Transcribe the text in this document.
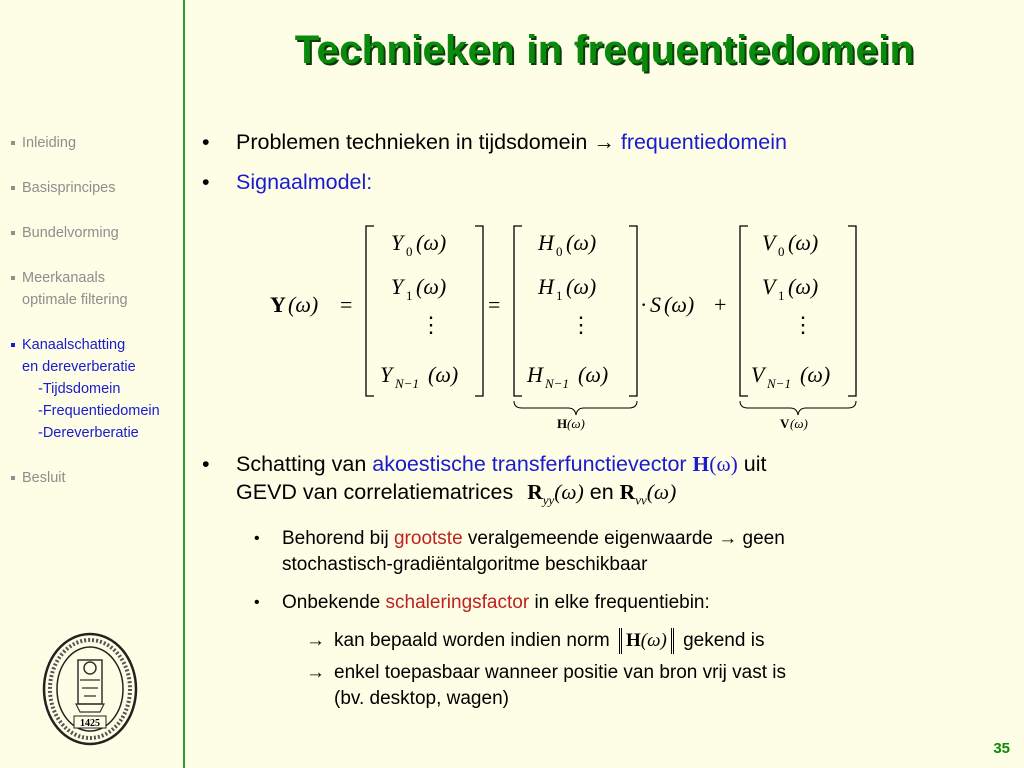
Inleiding
Basisprincipes
Bundelvorming
Meerkanaals
optimale filtering
Kanaalschatting
en dereverberatie
-Tijdsdomein
-Frequentiedomein
-Dereverberatie
Besluit
1425
Technieken in frequentiedomein
• Problemen technieken in tijdsdomein → frequentiedomein
• Signaalmodel:
Y (ω) =
Y 0 (ω)
Y 1 (ω)
⋮
Y N−1 (ω)
=
H 0 (ω)
H 1 (ω)
⋮
H N−1 (ω)
H (ω)
· S (ω) +
V 0 (ω)
V 1 (ω)
⋮
V N−1 (ω)
V (ω)
• Schatting van akoestische transferfunctievector H(ω) uit
GEVD van correlatiematrices $R_{yy}(\omega)$ en $R_{vv}(\omega)$
• Behorend bij grootste veralgemeende eigenwaarde → geen
stochastisch-gradiëntalgoritme beschikbaar
• Onbekende schaleringsfactor in elke frequentiebin:
→ kan bepaald worden indien norm H(ω) gekend is
→ enkel toepasbaar wanneer positie van bron vrij vast is
(bv. desktop, wagen)
35
